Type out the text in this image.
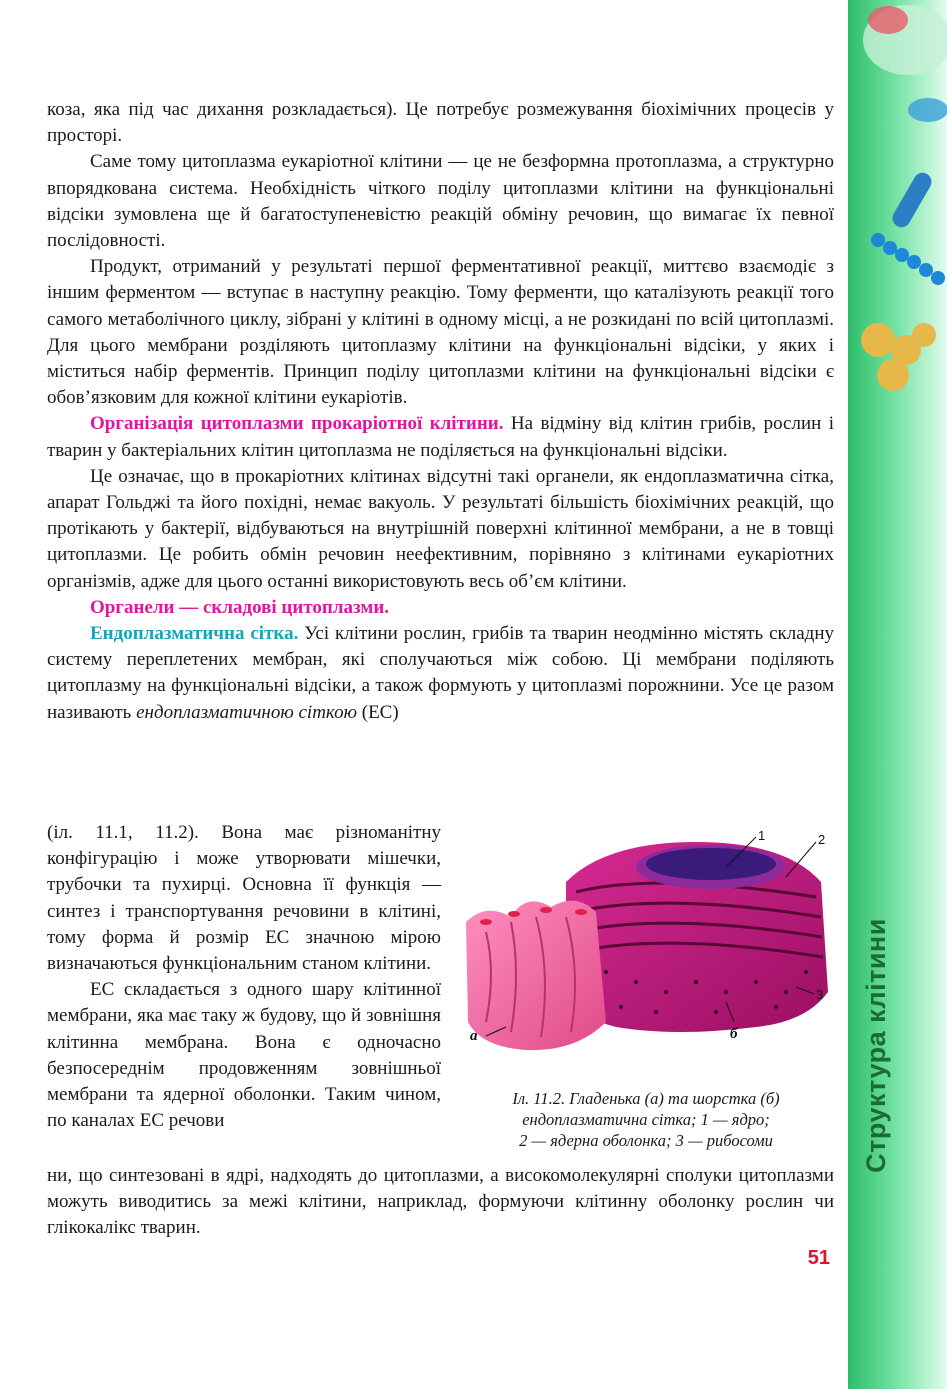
Структура клітини

коза, яка під час дихання розкладається). Це потребує розмежування біохімічних процесів у просторі.

Саме тому цитоплазма еукаріотної клітини — це не безформна протоплазма, а структурно впорядкована система. Необхідність чіткого поділу цитоплазми клітини на функціональні відсіки зумовлена ще й багатоступеневістю реакцій обміну речовин, що вимагає їх певної послідовності.

Продукт, отриманий у результаті першої ферментативної реакції, миттєво взаємодіє з іншим ферментом — вступає в наступну реакцію. Тому ферменти, що каталізують реакції того самого метаболічного циклу, зібрані у клітині в одному місці, а не розкидані по всій цитоплазмі. Для цього мембрани розділяють цитоплазму клітини на функціональні відсіки, у яких і міститься набір ферментів. Принцип поділу цитоплазми клітини на функціональні відсіки є обов’язковим для кожної клітини еукаріотів.

Організація цитоплазми прокаріотної клітини. На відміну від клітин грибів, рослин і тварин у бактеріальних клітин цитоплазма не поділяється на функціональні відсіки.

Це означає, що в прокаріотних клітинах відсутні такі органели, як ендоплазматична сітка, апарат Гольджі та його похідні, немає вакуоль. У результаті більшість біохімічних реакцій, що протікають у бактерії, відбуваються на внутрішній поверхні клітинної мембрани, а не в товщі цитоплазми. Це робить обмін речовин неефективним, порівняно з клітинами еукаріотних організмів, адже для цього останні використовують весь об’єм клітини.

Органели — складові цитоплазми.

Ендоплазматична сітка. Усі клітини рослин, грибів та тварин неодмінно містять складну систему переплетених мембран, які сполучаються між собою. Ці мембрани поділяють цитоплазму на функціональні відсіки, а також формують у цитоплазмі порожнини. Усе це разом називають ендоплазматичною сіткою (ЕС)

(іл. 11.1, 11.2). Вона має різноманітну конфігурацію і може утворювати мішечки, трубочки та пухирці. Основна її функція — синтез і транспортування речовини в клітині, тому форма й розмір ЕС значною мірою визначаються функціональним станом клітини.

ЕС складається з одного шару клітинної мембрани, яка має таку ж будову, що й зовнішня клітинна мембрана. Вона є одночасно безпосереднім продовженням зовнішньої мембрани та ядерної оболонки. Таким чином, по каналах ЕС речови

ни, що синтезовані в ядрі, надходять до цитоплазми, а високомолекулярні сполуки цитоплазми можуть виводитись за межі клітини, наприклад, формуючи клітинну оболонку рослин чи глікокалікс тварин.

1	2
3
а	б
Іл. 11.2. Гладенька (а) та шорстка (б)
ендоплазматична сітка; 1 — ядро;
2 — ядерна оболонка; 3 — рибосоми
51
